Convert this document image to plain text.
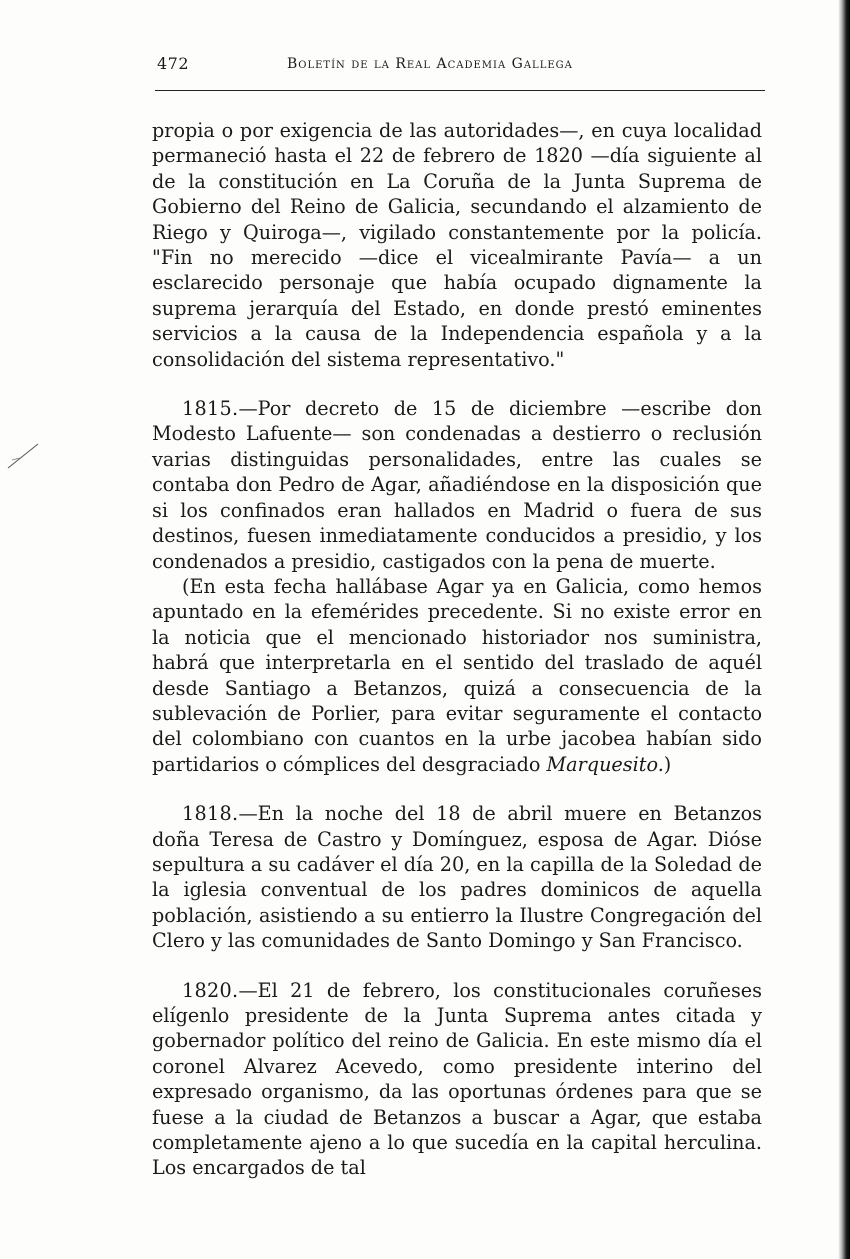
472	Boletín de la Real Academia Gallega

propia o por exigencia de las autoridades—, en cuya localidad permaneció hasta el 22 de febrero de 1820 —día siguiente al de la constitución en La Coruña de la Junta Suprema de Gobierno del Reino de Galicia, secundando el alzamiento de Riego y Quiroga—, vigilado constantemente por la policía. "Fin no merecido —dice el vicealmirante Pavía— a un esclarecido personaje que había ocupado dignamente la suprema jerarquía del Estado, en donde prestó eminentes servicios a la causa de la Independencia española y a la consolidación del sistema representativo."

1815.—Por decreto de 15 de diciembre —escribe don Modesto Lafuente— son condenadas a destierro o reclusión varias distinguidas personalidades, entre las cuales se contaba don Pedro de Agar, añadiéndose en la disposición que si los confinados eran hallados en Madrid o fuera de sus destinos, fuesen inmediatamente conducidos a presidio, y los condenados a presidio, castigados con la pena de muerte.

(En esta fecha hallábase Agar ya en Galicia, como hemos apuntado en la efemérides precedente. Si no existe error en la noticia que el mencionado historiador nos suministra, habrá que interpretarla en el sentido del traslado de aquél desde Santiago a Betanzos, quizá a consecuencia de la sublevación de Porlier, para evitar seguramente el contacto del colombiano con cuantos en la urbe jacobea habían sido partidarios o cómplices del desgraciado Marquesito.)

1818.—En la noche del 18 de abril muere en Betanzos doña Teresa de Castro y Domínguez, esposa de Agar. Dióse sepultura a su cadáver el día 20, en la capilla de la Soledad de la iglesia conventual de los padres dominicos de aquella población, asistiendo a su entierro la Ilustre Congregación del Clero y las comunidades de Santo Domingo y San Francisco.

1820.—El 21 de febrero, los constitucionales coruñeses elígenlo presidente de la Junta Suprema antes citada y gobernador político del reino de Galicia. En este mismo día el coronel Alvarez Acevedo, como presidente interino del expresado organismo, da las oportunas órdenes para que se fuese a la ciudad de Betanzos a buscar a Agar, que estaba completamente ajeno a lo que sucedía en la capital herculina. Los encargados de tal
